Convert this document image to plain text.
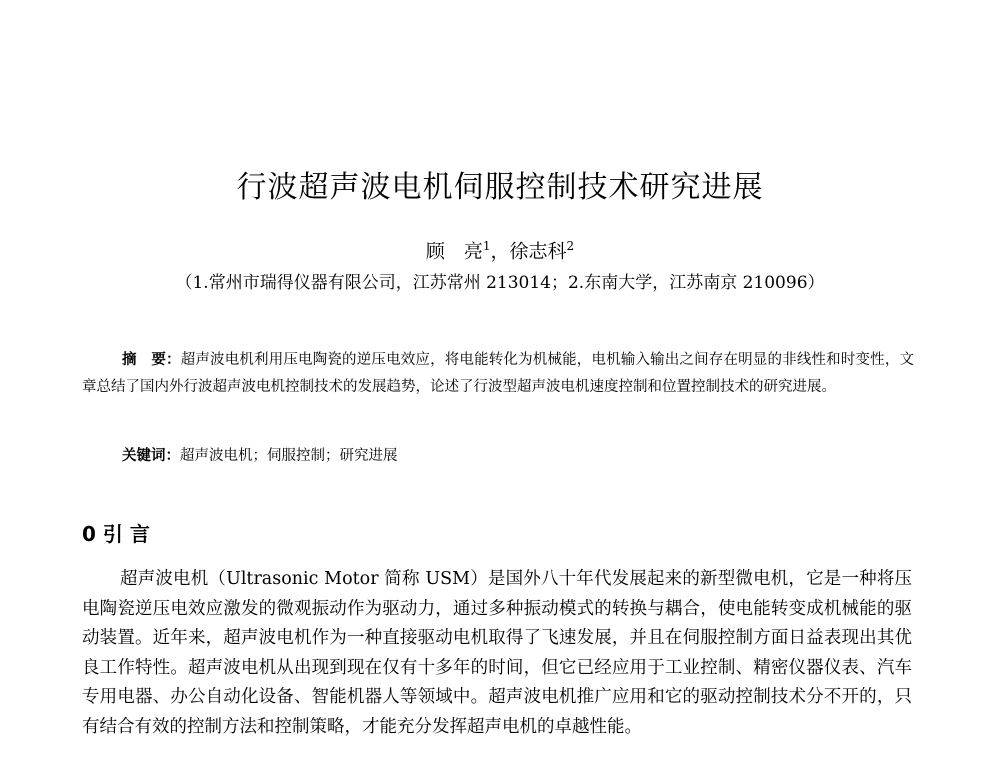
行波超声波电机伺服控制技术研究进展
顾　亮$^1$，徐志科$^2$
（1.常州市瑞得仪器有限公司，江苏常州 213014；2.东南大学，江苏南京 210096）
摘　要：超声波电机利用压电陶瓷的逆压电效应，将电能转化为机械能，电机输入输出之间存在明显的非线性和时变性，文章总结了国内外行波超声波电机控制技术的发展趋势，论述了行波型超声波电机速度控制和位置控制技术的研究进展。
关键词：超声波电机；伺服控制；研究进展
0 引 言
超声波电机（Ultrasonic Motor 简称 USM）是国外八十年代发展起来的新型微电机，它是一种将压电陶瓷逆压电效应激发的微观振动作为驱动力，通过多种振动模式的转换与耦合，使电能转变成机械能的驱动装置。近年来，超声波电机作为一种直接驱动电机取得了飞速发展，并且在伺服控制方面日益表现出其优良工作特性。超声波电机从出现到现在仅有十多年的时间，但它已经应用于工业控制、精密仪器仪表、汽车专用电器、办公自动化设备、智能机器人等领域中。超声波电机推广应用和它的驱动控制技术分不开的，只有结合有效的控制方法和控制策略，才能充分发挥超声电机的卓越性能。
